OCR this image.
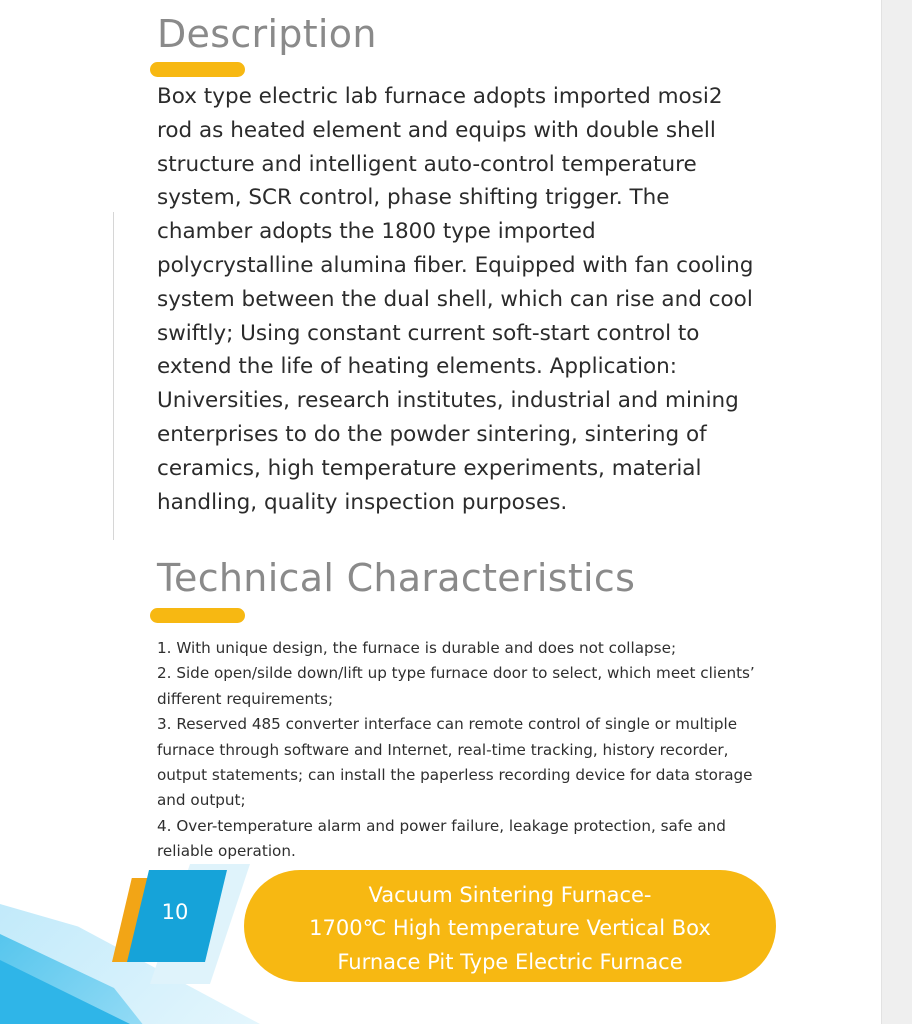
Description

Box type electric lab furnace adopts imported mosi2 rod as heated element and equips with double shell structure and intelligent auto-control temperature system, SCR control, phase shifting trigger. The chamber adopts the 1800 type imported polycrystalline alumina fiber. Equipped with fan cooling system between the dual shell, which can rise and cool swiftly; Using constant current soft-start control to extend the life of heating elements. Application: Universities, research institutes, industrial and mining enterprises to do the powder sintering, sintering of ceramics, high temperature experiments, material handling, quality inspection purposes.

Technical Characteristics
1. With unique design, the furnace is durable and does not collapse;
2. Side open/silde down/lift up type furnace door to select, which meet clients’ different requirements;
3. Reserved 485 converter interface can remote control of single or multiple furnace through software and Internet, real-time tracking, history recorder, output statements; can install the paperless recording device for data storage and output;
4. Over-temperature alarm and power failure, leakage protection, safe and reliable operation.
10
Vacuum Sintering Furnace-
1700℃ High temperature Vertical Box
Furnace Pit Type Electric Furnace
